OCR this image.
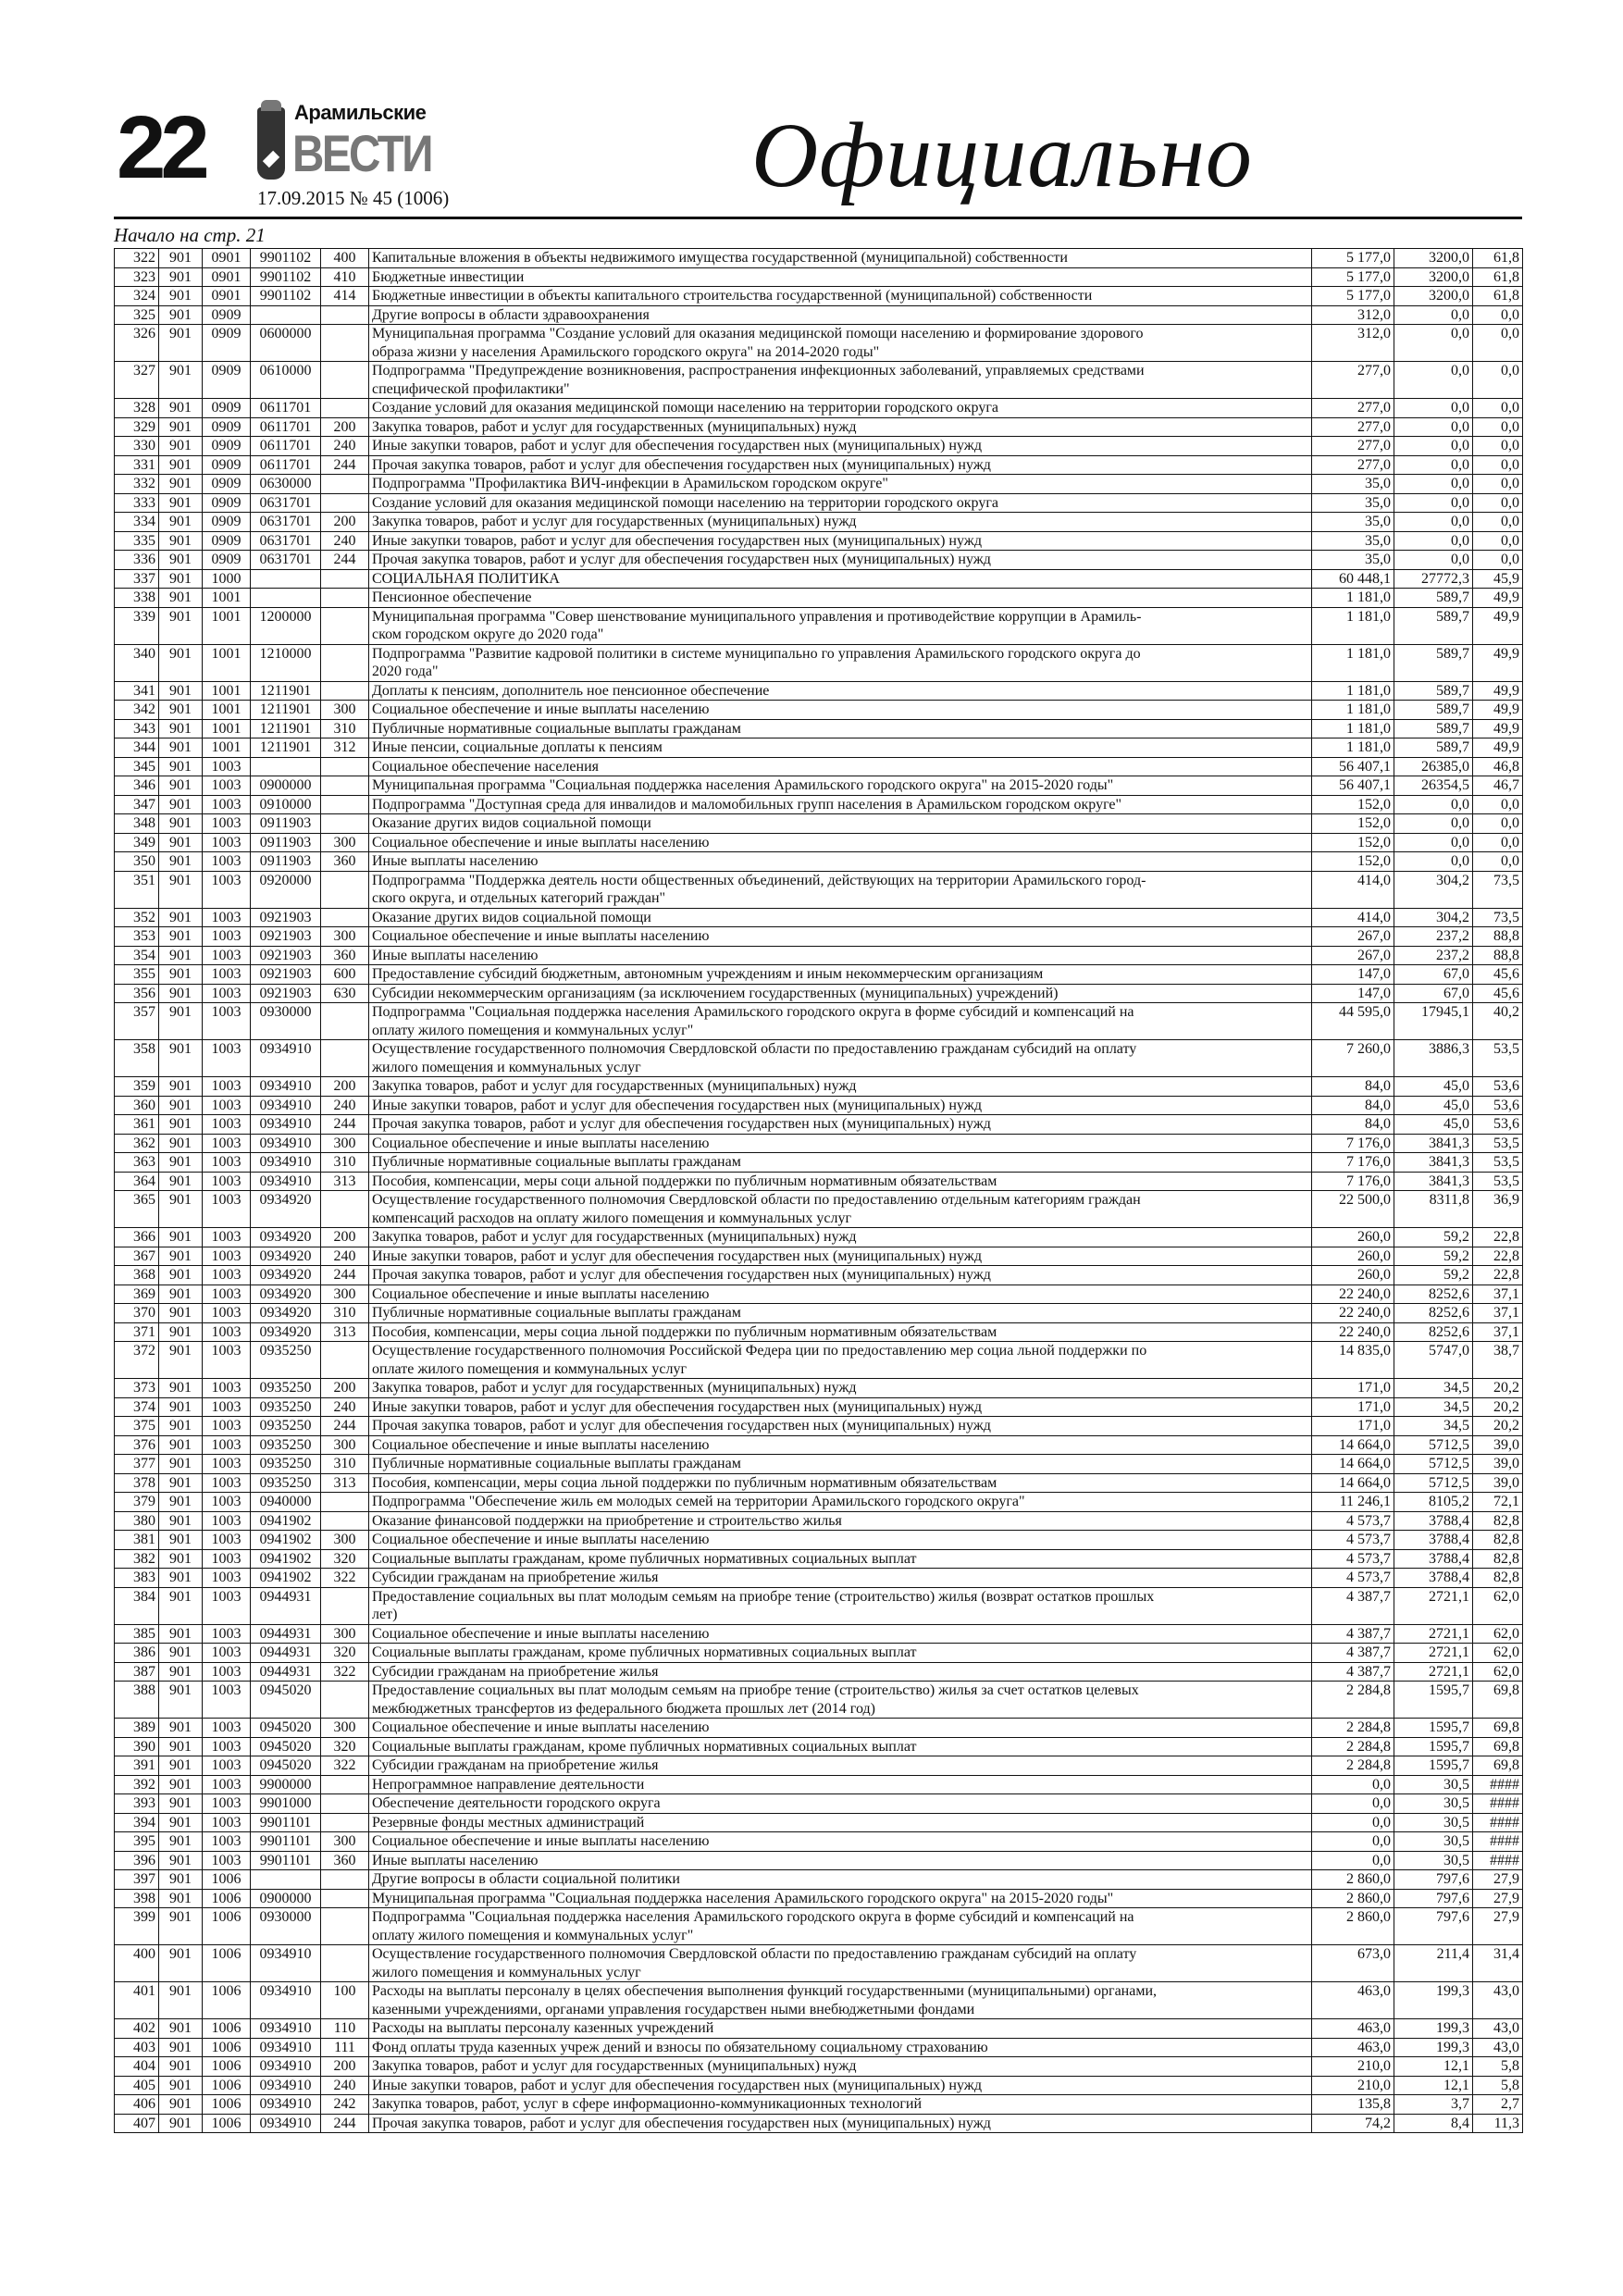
22	Арамильские
ВЕСТИ
17.09.2015 № 45 (1006)	Официально
Начало на стр. 21
322	901	0901	9901102	400	Капитальные вложения в объекты недвижимого имущества государственной (муниципальной) собственности	5 177,0	3200,0	61,8
323	901	0901	9901102	410	Бюджетные инвестиции	5 177,0	3200,0	61,8
324	901	0901	9901102	414	Бюджетные инвестиции в объекты капитального строительства государственной (муниципальной) собственности	5 177,0	3200,0	61,8
325	901	0909			Другие вопросы в области здравоохранения	312,0	0,0	0,0
326	901	0909	0600000		Муниципальная программа "Создание условий для оказания медицинской помощи населению и формирование здорового
образа жизни у населения Арамильского городского округа" на 2014-2020 годы"	312,0	0,0	0,0
327	901	0909	0610000		Подпрограмма "Предупреждение возникновения, распространения инфекционных заболеваний, управляемых средствами
специфической профилактики"	277,0	0,0	0,0
328	901	0909	0611701		Создание условий для оказания медицинской помощи населению на территории городского округа	277,0	0,0	0,0
329	901	0909	0611701	200	Закупка товаров, работ и услуг для государственных (муниципальных) нужд	277,0	0,0	0,0
330	901	0909	0611701	240	Иные закупки товаров, работ и услуг для обеспечения государствен ных (муниципальных) нужд	277,0	0,0	0,0
331	901	0909	0611701	244	Прочая закупка товаров, работ и услуг для обеспечения государствен ных (муниципальных) нужд	277,0	0,0	0,0
332	901	0909	0630000		Подпрограмма "Профилактика ВИЧ-инфекции в Арамильском городском округе"	35,0	0,0	0,0
333	901	0909	0631701		Создание условий для оказания медицинской помощи населению на территории городского округа	35,0	0,0	0,0
334	901	0909	0631701	200	Закупка товаров, работ и услуг для государственных (муниципальных) нужд	35,0	0,0	0,0
335	901	0909	0631701	240	Иные закупки товаров, работ и услуг для обеспечения государствен ных (муниципальных) нужд	35,0	0,0	0,0
336	901	0909	0631701	244	Прочая закупка товаров, работ и услуг для обеспечения государствен ных (муниципальных) нужд	35,0	0,0	0,0
337	901	1000			СОЦИАЛЬНАЯ ПОЛИТИКА	60 448,1	27772,3	45,9
338	901	1001			Пенсионное обеспечение	1 181,0	589,7	49,9
339	901	1001	1200000		Муниципальная программа "Совер шенствование муниципального управления и противодействие коррупции в Арамиль-
ском городском округе до 2020 года"	1 181,0	589,7	49,9
340	901	1001	1210000		Подпрограмма "Развитие кадровой политики в системе муниципально го управления Арамильского городского округа до
2020 года"	1 181,0	589,7	49,9
341	901	1001	1211901		Доплаты к пенсиям, дополнитель ное пенсионное обеспечение	1 181,0	589,7	49,9
342	901	1001	1211901	300	Социальное обеспечение и иные выплаты населению	1 181,0	589,7	49,9
343	901	1001	1211901	310	Публичные нормативные социальные выплаты гражданам	1 181,0	589,7	49,9
344	901	1001	1211901	312	Иные пенсии, социальные доплаты к пенсиям	1 181,0	589,7	49,9
345	901	1003			Социальное обеспечение населения	56 407,1	26385,0	46,8
346	901	1003	0900000		Муниципальная программа "Социальная поддержка населения Арамильского городского округа" на 2015-2020 годы"	56 407,1	26354,5	46,7
347	901	1003	0910000		Подпрограмма "Доступная среда для инвалидов и маломобильных групп населения в Арамильском городском округе"	152,0	0,0	0,0
348	901	1003	0911903		Оказание других видов социальной помощи	152,0	0,0	0,0
349	901	1003	0911903	300	Социальное обеспечение и иные выплаты населению	152,0	0,0	0,0
350	901	1003	0911903	360	Иные выплаты населению	152,0	0,0	0,0
351	901	1003	0920000		Подпрограмма "Поддержка деятель ности общественных объединений, действующих на территории Арамильского город-
ского округа, и отдельных категорий граждан"	414,0	304,2	73,5
352	901	1003	0921903		Оказание других видов социальной помощи	414,0	304,2	73,5
353	901	1003	0921903	300	Социальное обеспечение и иные выплаты населению	267,0	237,2	88,8
354	901	1003	0921903	360	Иные выплаты населению	267,0	237,2	88,8
355	901	1003	0921903	600	Предоставление субсидий бюджетным, автономным учреждениям и иным некоммерческим организациям	147,0	67,0	45,6
356	901	1003	0921903	630	Субсидии некоммерческим организациям (за исключением государственных (муниципальных) учреждений)	147,0	67,0	45,6
357	901	1003	0930000		Подпрограмма "Социальная поддержка населения Арамильского городского округа в форме субсидий и компенсаций на
оплату жилого помещения и коммунальных услуг"	44 595,0	17945,1	40,2
358	901	1003	0934910		Осуществление государственного полномочия Свердловской области по предоставлению гражданам субсидий на оплату
жилого помещения и коммунальных услуг	7 260,0	3886,3	53,5
359	901	1003	0934910	200	Закупка товаров, работ и услуг для государственных (муниципальных) нужд	84,0	45,0	53,6
360	901	1003	0934910	240	Иные закупки товаров, работ и услуг для обеспечения государствен ных (муниципальных) нужд	84,0	45,0	53,6
361	901	1003	0934910	244	Прочая закупка товаров, работ и услуг для обеспечения государствен ных (муниципальных) нужд	84,0	45,0	53,6
362	901	1003	0934910	300	Социальное обеспечение и иные выплаты населению	7 176,0	3841,3	53,5
363	901	1003	0934910	310	Публичные нормативные социальные выплаты гражданам	7 176,0	3841,3	53,5
364	901	1003	0934910	313	Пособия, компенсации, меры соци альной поддержки по публичным нормативным обязательствам	7 176,0	3841,3	53,5
365	901	1003	0934920		Осуществление государственного полномочия Свердловской области по предоставлению отдельным категориям граждан
компенсаций расходов на оплату жилого помещения и коммунальных услуг	22 500,0	8311,8	36,9
366	901	1003	0934920	200	Закупка товаров, работ и услуг для государственных (муниципальных) нужд	260,0	59,2	22,8
367	901	1003	0934920	240	Иные закупки товаров, работ и услуг для обеспечения государствен ных (муниципальных) нужд	260,0	59,2	22,8
368	901	1003	0934920	244	Прочая закупка товаров, работ и услуг для обеспечения государствен ных (муниципальных) нужд	260,0	59,2	22,8
369	901	1003	0934920	300	Социальное обеспечение и иные выплаты населению	22 240,0	8252,6	37,1
370	901	1003	0934920	310	Публичные нормативные социальные выплаты гражданам	22 240,0	8252,6	37,1
371	901	1003	0934920	313	Пособия, компенсации, меры социа льной поддержки по публичным нормативным обязательствам	22 240,0	8252,6	37,1
372	901	1003	0935250		Осуществление государственного полномочия Российской Федера ции по предоставлению мер социа льной поддержки по
оплате жилого помещения и коммунальных услуг	14 835,0	5747,0	38,7
373	901	1003	0935250	200	Закупка товаров, работ и услуг для государственных (муниципальных) нужд	171,0	34,5	20,2
374	901	1003	0935250	240	Иные закупки товаров, работ и услуг для обеспечения государствен ных (муниципальных) нужд	171,0	34,5	20,2
375	901	1003	0935250	244	Прочая закупка товаров, работ и услуг для обеспечения государствен ных (муниципальных) нужд	171,0	34,5	20,2
376	901	1003	0935250	300	Социальное обеспечение и иные выплаты населению	14 664,0	5712,5	39,0
377	901	1003	0935250	310	Публичные нормативные социальные выплаты гражданам	14 664,0	5712,5	39,0
378	901	1003	0935250	313	Пособия, компенсации, меры социа льной поддержки по публичным нормативным обязательствам	14 664,0	5712,5	39,0
379	901	1003	0940000		Подпрограмма "Обеспечение жиль ем молодых семей на территории Арамильского городского округа"	11 246,1	8105,2	72,1
380	901	1003	0941902		Оказание финансовой поддержки на приобретение и строительство жилья	4 573,7	3788,4	82,8
381	901	1003	0941902	300	Социальное обеспечение и иные выплаты населению	4 573,7	3788,4	82,8
382	901	1003	0941902	320	Социальные выплаты гражданам, кроме публичных нормативных социальных выплат	4 573,7	3788,4	82,8
383	901	1003	0941902	322	Субсидии гражданам на приобретение жилья	4 573,7	3788,4	82,8
384	901	1003	0944931		Предоставление социальных вы плат молодым семьям на приобре тение (строительство) жилья (возврат остатков прошлых
лет)	4 387,7	2721,1	62,0
385	901	1003	0944931	300	Социальное обеспечение и иные выплаты населению	4 387,7	2721,1	62,0
386	901	1003	0944931	320	Социальные выплаты гражданам, кроме публичных нормативных социальных выплат	4 387,7	2721,1	62,0
387	901	1003	0944931	322	Субсидии гражданам на приобретение жилья	4 387,7	2721,1	62,0
388	901	1003	0945020		Предоставление социальных вы плат молодым семьям на приобре тение (строительство) жилья за счет остатков целевых
межбюджетных трансфертов из федерального бюджета прошлых лет (2014 год)	2 284,8	1595,7	69,8
389	901	1003	0945020	300	Социальное обеспечение и иные выплаты населению	2 284,8	1595,7	69,8
390	901	1003	0945020	320	Социальные выплаты гражданам, кроме публичных нормативных социальных выплат	2 284,8	1595,7	69,8
391	901	1003	0945020	322	Субсидии гражданам на приобретение жилья	2 284,8	1595,7	69,8
392	901	1003	9900000		Непрограммное направление деятельности	0,0	30,5	####
393	901	1003	9901000		Обеспечение деятельности городского округа	0,0	30,5	####
394	901	1003	9901101		Резервные фонды местных администраций	0,0	30,5	####
395	901	1003	9901101	300	Социальное обеспечение и иные выплаты населению	0,0	30,5	####
396	901	1003	9901101	360	Иные выплаты населению	0,0	30,5	####
397	901	1006			Другие вопросы в области социальной политики	2 860,0	797,6	27,9
398	901	1006	0900000		Муниципальная программа "Социальная поддержка населения Арамильского городского округа" на 2015-2020 годы"	2 860,0	797,6	27,9
399	901	1006	0930000		Подпрограмма "Социальная поддержка населения Арамильского городского округа в форме субсидий и компенсаций на
оплату жилого помещения и коммунальных услуг"	2 860,0	797,6	27,9
400	901	1006	0934910		Осуществление государственного полномочия Свердловской области по предоставлению гражданам субсидий на оплату
жилого помещения и коммунальных услуг	673,0	211,4	31,4
401	901	1006	0934910	100	Расходы на выплаты персоналу в целях обеспечения выполнения функций государственными (муниципальными) органами,
казенными учреждениями, органами управления государствен ными внебюджетными фондами	463,0	199,3	43,0
402	901	1006	0934910	110	Расходы на выплаты персоналу казенных учреждений	463,0	199,3	43,0
403	901	1006	0934910	111	Фонд оплаты труда казенных учреж дений и взносы по обязательному социальному страхованию	463,0	199,3	43,0
404	901	1006	0934910	200	Закупка товаров, работ и услуг для государственных (муниципальных) нужд	210,0	12,1	5,8
405	901	1006	0934910	240	Иные закупки товаров, работ и услуг для обеспечения государствен ных (муниципальных) нужд	210,0	12,1	5,8
406	901	1006	0934910	242	Закупка товаров, работ, услуг в сфере информационно-коммуникационных технологий	135,8	3,7	2,7
407	901	1006	0934910	244	Прочая закупка товаров, работ и услуг для обеспечения государствен ных (муниципальных) нужд	74,2	8,4	11,3
